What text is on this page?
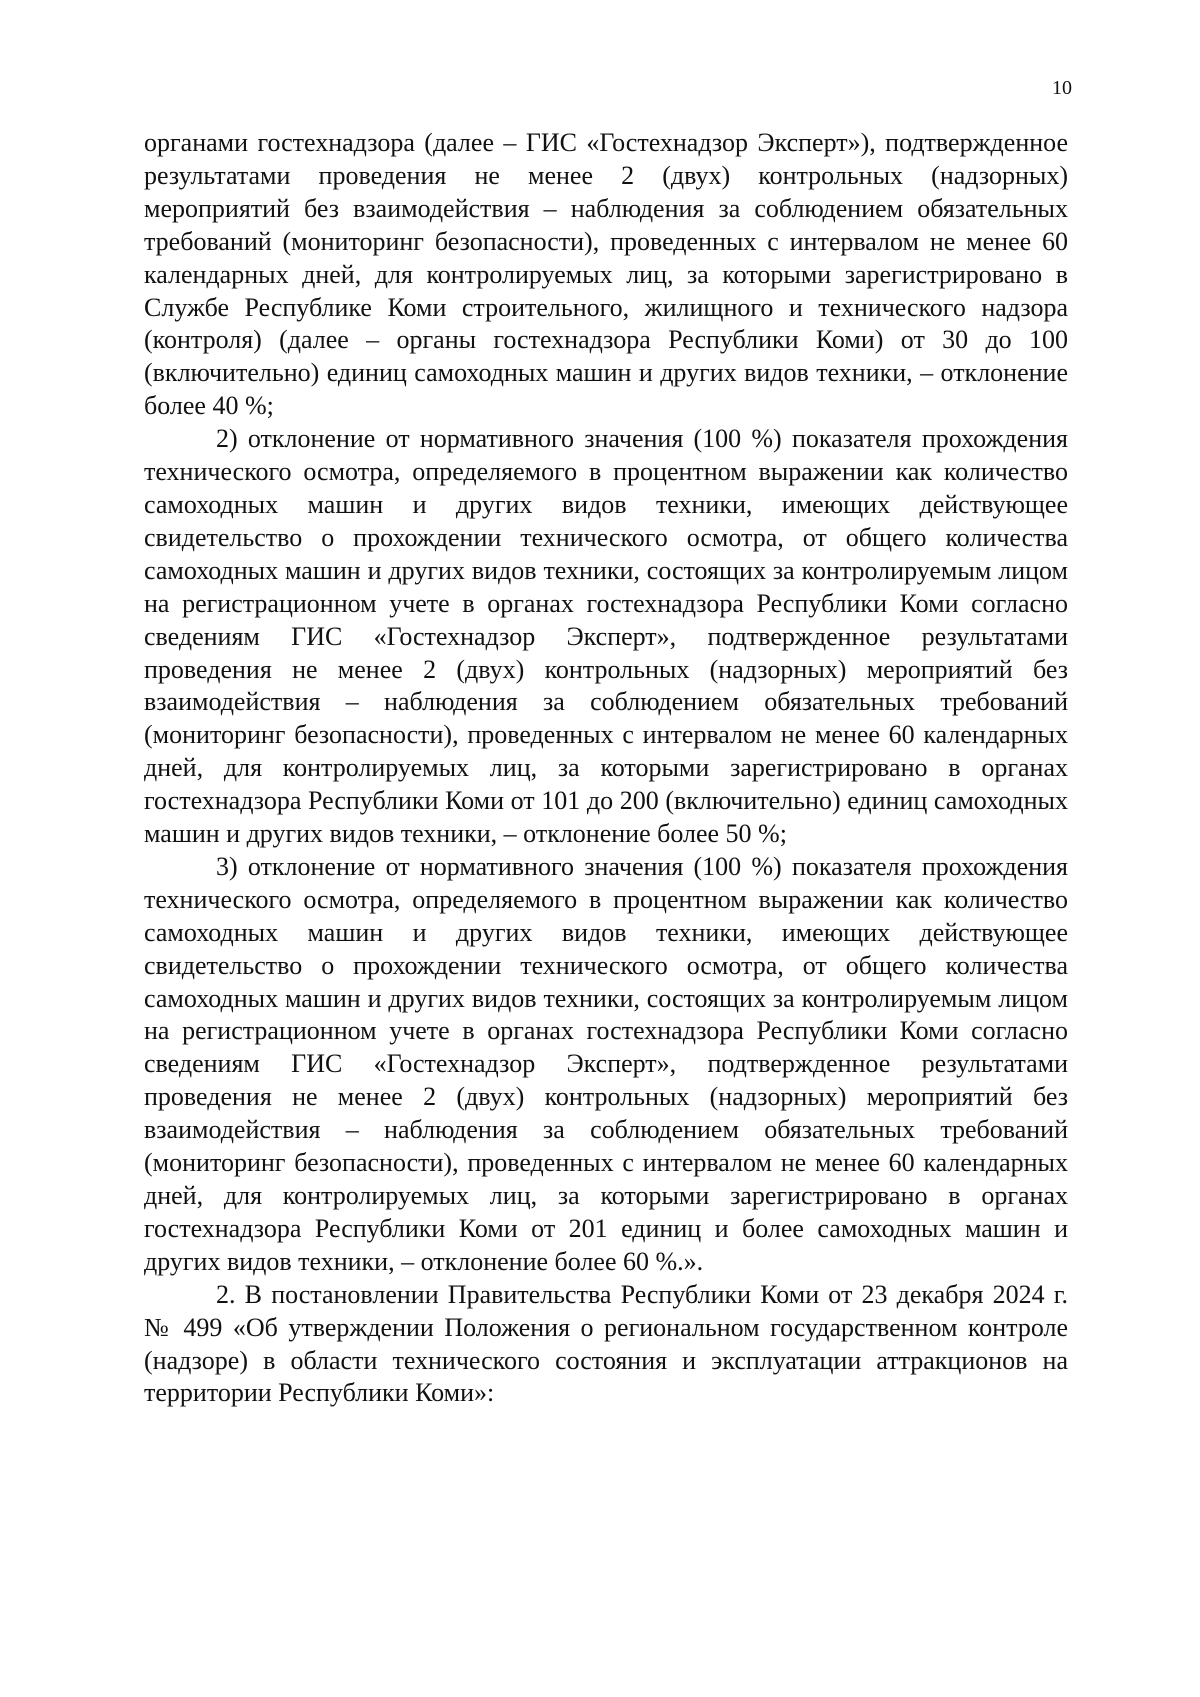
10

органами гостехнадзора (далее – ГИС «Гостехнадзор Эксперт»), подтвержденное результатами проведения не менее 2 (двух) контрольных (надзорных) мероприятий без взаимодействия – наблюдения за соблюдением обязательных требований (мониторинг безопасности), проведенных с интервалом не менее 60 календарных дней, для контролируемых лиц, за которыми зарегистрировано в Службе Республике Коми строительного, жилищного и технического надзора (контроля) (далее – органы гостехнадзора Республики Коми) от 30 до 100 (включительно) единиц самоходных машин и других видов техники, – отклонение более 40 %;

2) отклонение от нормативного значения (100 %) показателя прохождения технического осмотра, определяемого в процентном выражении как количество самоходных машин и других видов техники, имеющих действующее свидетельство о прохождении технического осмотра, от общего количества самоходных машин и других видов техники, состоящих за контролируемым лицом на регистрационном учете в органах гостехнадзора Республики Коми согласно сведениям ГИС «Гостехнадзор Эксперт», подтвержденное результатами проведения не менее 2 (двух) контрольных (надзорных) мероприятий без взаимодействия – наблюдения за соблюдением обязательных требований (мониторинг безопасности), проведенных с интервалом не менее 60 календарных дней, для контролируемых лиц, за которыми зарегистрировано в органах гостехнадзора Республики Коми от 101 до 200 (включительно) единиц самоходных машин и других видов техники, – отклонение более 50 %;

3) отклонение от нормативного значения (100 %) показателя прохождения технического осмотра, определяемого в процентном выражении как количество самоходных машин и других видов техники, имеющих действующее свидетельство о прохождении технического осмотра, от общего количества самоходных машин и других видов техники, состоящих за контролируемым лицом на регистрационном учете в органах гостехнадзора Республики Коми согласно сведениям ГИС «Гостехнадзор Эксперт», подтвержденное результатами проведения не менее 2 (двух) контрольных (надзорных) мероприятий без взаимодействия – наблюдения за соблюдением обязательных требований (мониторинг безопасности), проведенных с интервалом не менее 60 календарных дней, для контролируемых лиц, за которыми зарегистрировано в органах гостехнадзора Республики Коми от 201 единиц и более самоходных машин и других видов техники, – отклонение более 60 %.».

2. В постановлении Правительства Республики Коми от 23 декабря 2024 г. № 499 «Об утверждении Положения о региональном государственном контроле (надзоре) в области технического состояния и эксплуатации аттракционов на территории Республики Коми»:
